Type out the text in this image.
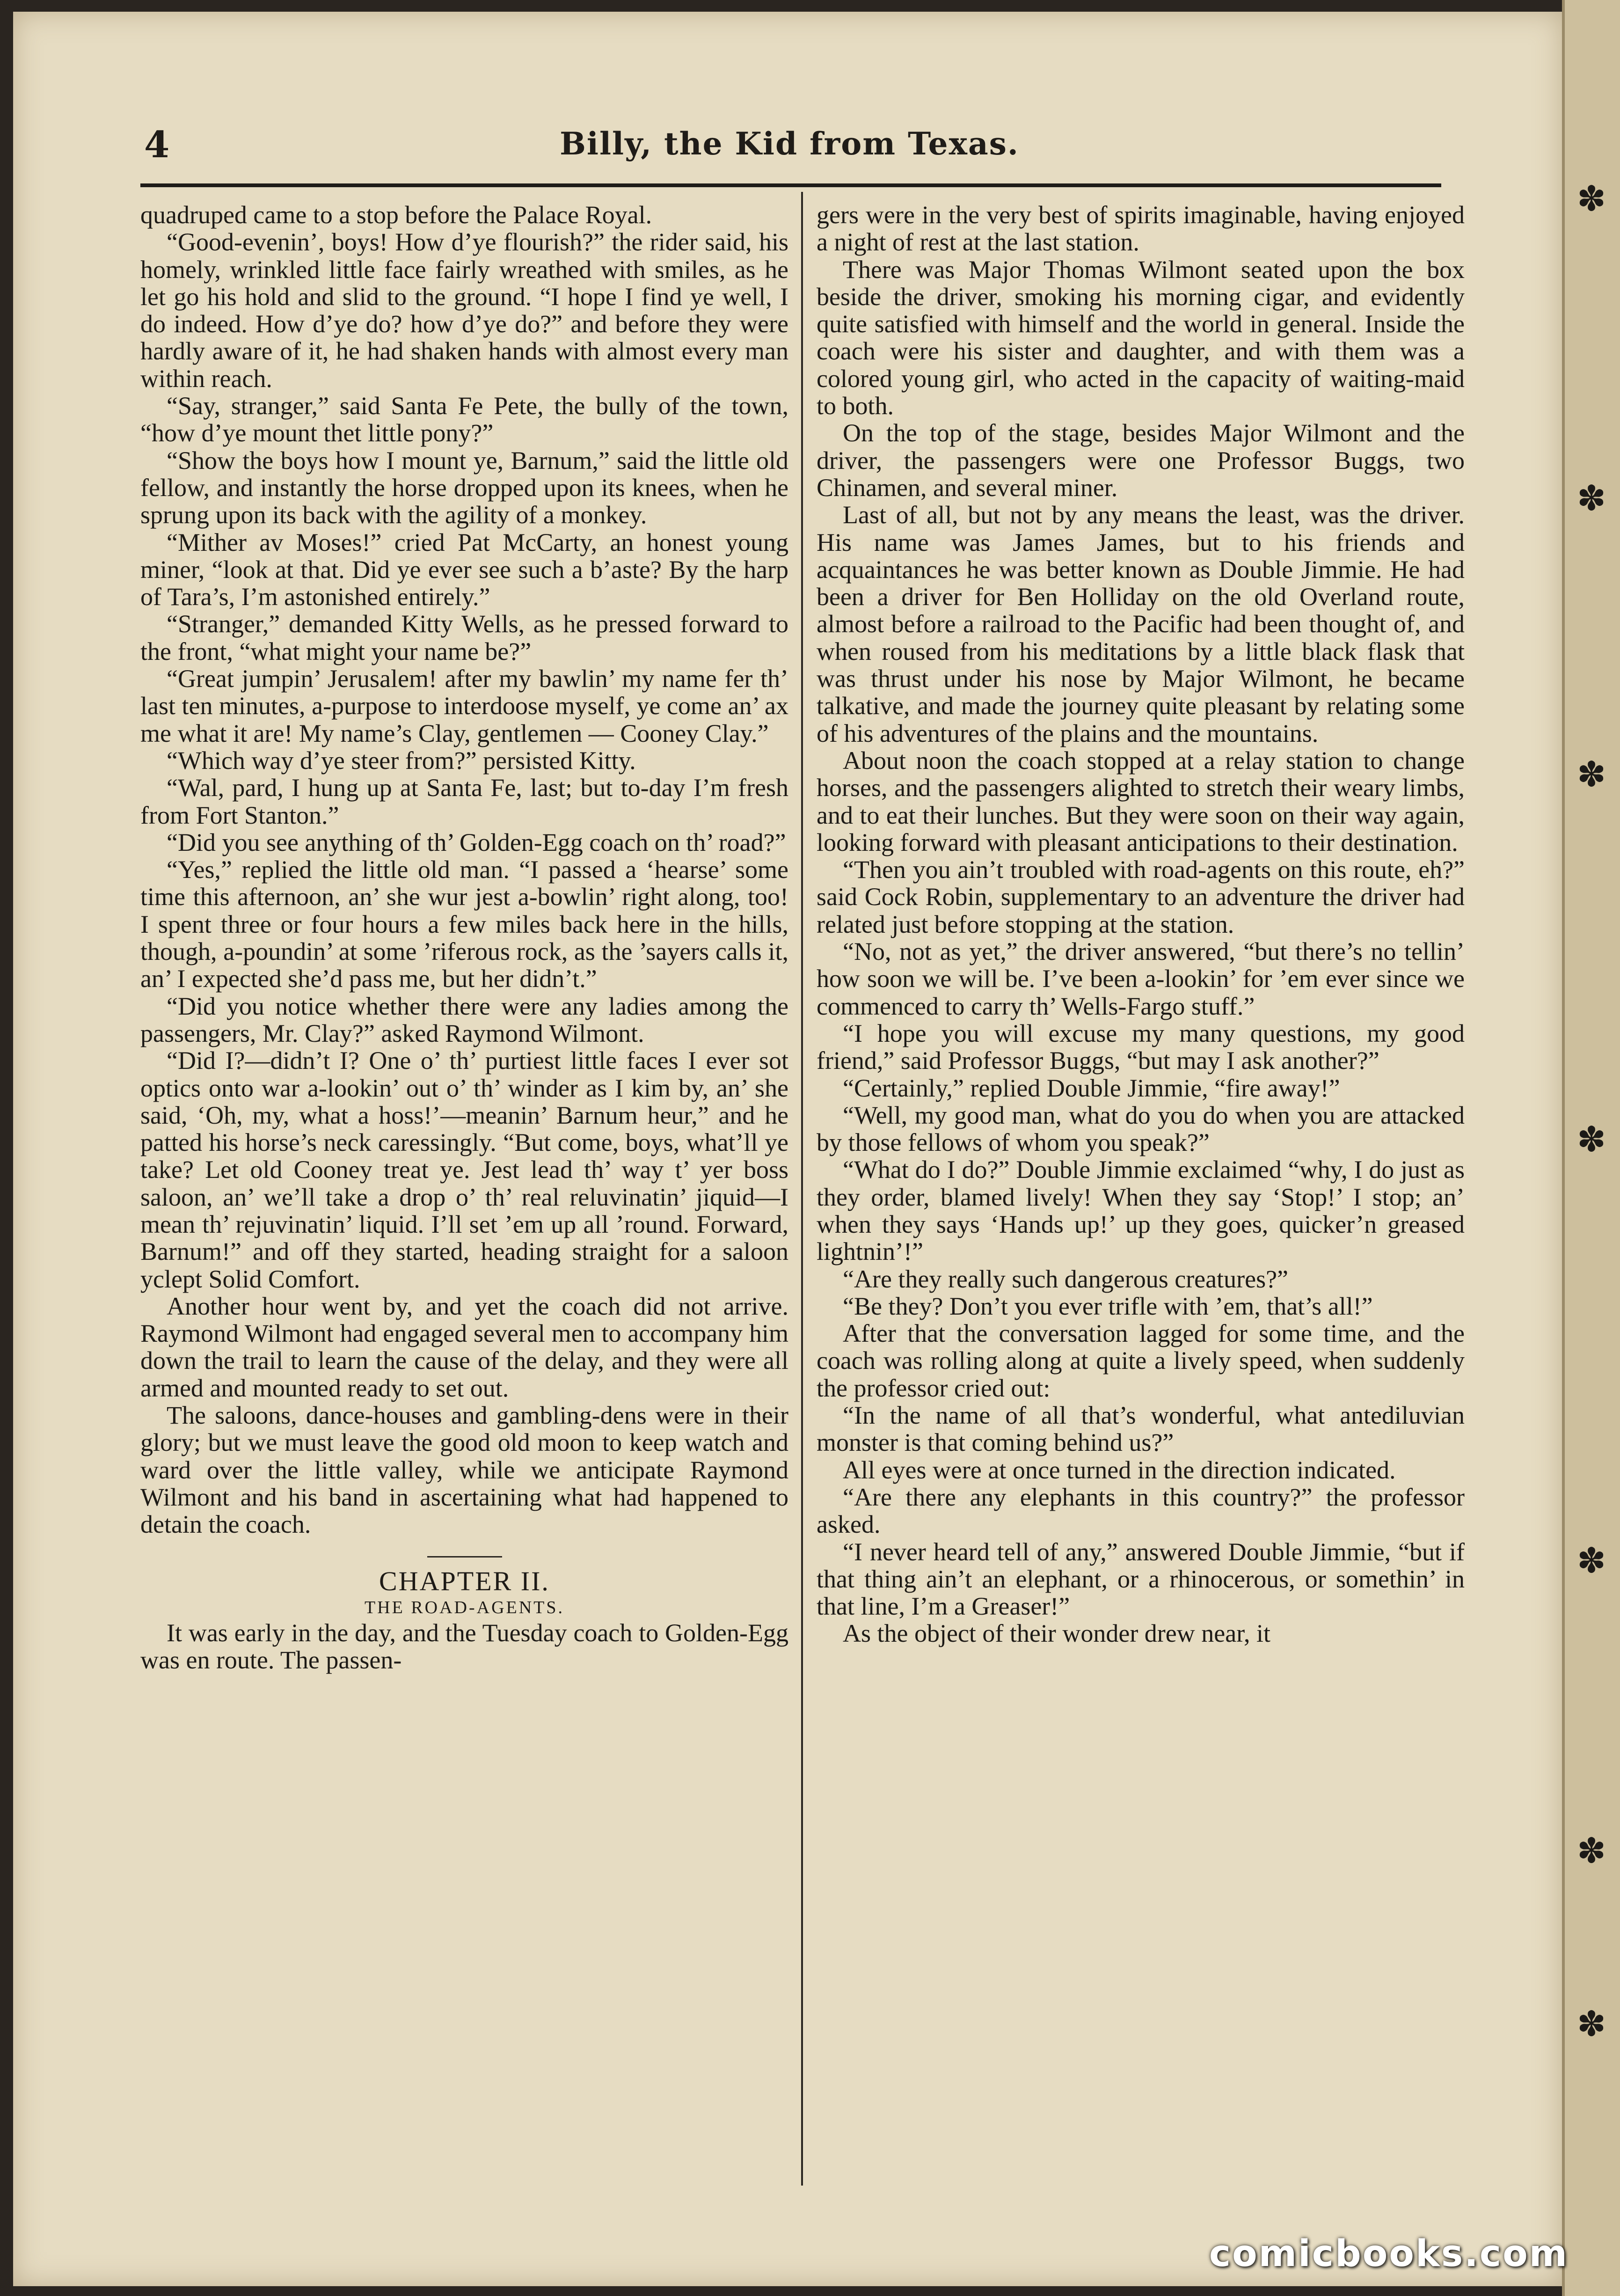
✽
✽
✽
✽
✽
✽
✽
4	Billy, the Kid from Texas.

quadruped came to a stop before the Palace Royal.

“Good-evenin’, boys! How d’ye flourish?” the rider said, his homely, wrinkled little face fairly wreathed with smiles, as he let go his hold and slid to the ground. “I hope I find ye well, I do indeed. How d’ye do? how d’ye do?” and before they were hardly aware of it, he had shaken hands with almost every man within reach.

“Say, stranger,” said Santa Fe Pete, the bully of the town, “how d’ye mount thet little pony?”

“Show the boys how I mount ye, Barnum,” said the little old fellow, and instantly the horse dropped upon its knees, when he sprung upon its back with the agility of a monkey.

“Mither av Moses!” cried Pat McCarty, an honest young miner, “look at that. Did ye ever see such a b’aste? By the harp of Tara’s, I’m astonished entirely.”

“Stranger,” demanded Kitty Wells, as he pressed forward to the front, “what might your name be?”

“Great jumpin’ Jerusalem! after my bawlin’ my name fer th’ last ten minutes, a-purpose to interdoose myself, ye come an’ ax me what it are! My name’s Clay, gentlemen — Cooney Clay.”

“Which way d’ye steer from?” persisted Kitty.

“Wal, pard, I hung up at Santa Fe, last; but to-day I’m fresh from Fort Stanton.”

“Did you see anything of th’ Golden-Egg coach on th’ road?”

“Yes,” replied the little old man. “I passed a ‘hearse’ some time this afternoon, an’ she wur jest a-bowlin’ right along, too! I spent three or four hours a few miles back here in the hills, though, a-poundin’ at some ’riferous rock, as the ’sayers calls it, an’ I expected she’d pass me, but her didn’t.”

“Did you notice whether there were any ladies among the passengers, Mr. Clay?” asked Raymond Wilmont.

“Did I?—didn’t I? One o’ th’ purtiest little faces I ever sot optics onto war a-lookin’ out o’ th’ winder as I kim by, an’ she said, ‘Oh, my, what a hoss!’—meanin’ Barnum heur,” and he patted his horse’s neck caressingly. “But come, boys, what’ll ye take? Let old Cooney treat ye. Jest lead th’ way t’ yer boss saloon, an’ we’ll take a drop o’ th’ real reluvinatin’ jiquid—I mean th’ rejuvinatin’ liquid. I’ll set ’em up all ’round. Forward, Barnum!” and off they started, heading straight for a saloon yclept Solid Comfort.

Another hour went by, and yet the coach did not arrive. Raymond Wilmont had engaged several men to accompany him down the trail to learn the cause of the delay, and they were all armed and mounted ready to set out.

The saloons, dance-houses and gambling-dens were in their glory; but we must leave the good old moon to keep watch and ward over the little valley, while we anticipate Raymond Wilmont and his band in ascertaining what had happened to detain the coach.

CHAPTER II.
THE ROAD-AGENTS.

It was early in the day, and the Tuesday coach to Golden-Egg was en route. The passen-

gers were in the very best of spirits imaginable, having enjoyed a night of rest at the last station.

There was Major Thomas Wilmont seated upon the box beside the driver, smoking his morning cigar, and evidently quite satisfied with himself and the world in general. Inside the coach were his sister and daughter, and with them was a colored young girl, who acted in the capacity of waiting-maid to both.

On the top of the stage, besides Major Wilmont and the driver, the passengers were one Professor Buggs, two Chinamen, and several miner.

Last of all, but not by any means the least, was the driver. His name was James James, but to his friends and acquaintances he was better known as Double Jimmie. He had been a driver for Ben Holliday on the old Overland route, almost before a railroad to the Pacific had been thought of, and when roused from his meditations by a little black flask that was thrust under his nose by Major Wilmont, he became talkative, and made the journey quite pleasant by relating some of his adventures of the plains and the mountains.

About noon the coach stopped at a relay station to change horses, and the passengers alighted to stretch their weary limbs, and to eat their lunches. But they were soon on their way again, looking forward with pleasant anticipations to their destination.

“Then you ain’t troubled with road-agents on this route, eh?” said Cock Robin, supplementary to an adventure the driver had related just before stopping at the station.

“No, not as yet,” the driver answered, “but there’s no tellin’ how soon we will be. I’ve been a-lookin’ for ’em ever since we commenced to carry th’ Wells-Fargo stuff.”

“I hope you will excuse my many questions, my good friend,” said Professor Buggs, “but may I ask another?”

“Certainly,” replied Double Jimmie, “fire away!”

“Well, my good man, what do you do when you are attacked by those fellows of whom you speak?”

“What do I do?” Double Jimmie exclaimed “why, I do just as they order, blamed lively! When they say ‘Stop!’ I stop; an’ when they says ‘Hands up!’ up they goes, quicker’n greased lightnin’!”

“Are they really such dangerous creatures?”

“Be they? Don’t you ever trifle with ’em, that’s all!”

After that the conversation lagged for some time, and the coach was rolling along at quite a lively speed, when suddenly the professor cried out:

“In the name of all that’s wonderful, what antediluvian monster is that coming behind us?”

All eyes were at once turned in the direction indicated.

“Are there any elephants in this country?” the professor asked.

“I never heard tell of any,” answered Double Jimmie, “but if that thing ain’t an elephant, or a rhinocerous, or somethin’ in that line, I’m a Greaser!”

As the object of their wonder drew near, it

comicbooks.com
